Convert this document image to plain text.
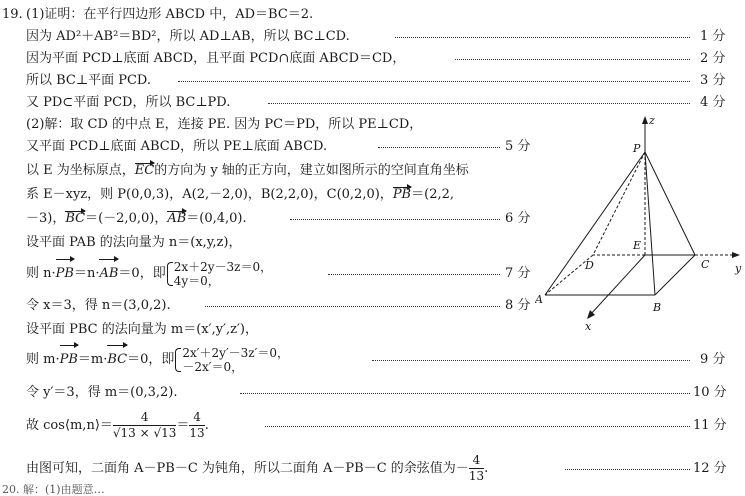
19. (1)证明：在平行四边形 ABCD 中，AD＝BC＝2.
因为 AD²＋AB²＝BD²，所以 AD⊥AB，所以 BC⊥CD.	1 分
因为平面 PCD⊥底面 ABCD，且平面 PCD∩底面 ABCD＝CD，	2 分
所以 BC⊥平面 PCD.	3 分
又 PD⊂平面 PCD，所以 BC⊥PD.	4 分
(2)解：取 CD 的中点 E，连接 PE. 因为 PC＝PD，所以 PE⊥CD，
又平面 PCD⊥底面 ABCD，所以 PE⊥底面 ABCD.	5 分
以 E 为坐标原点，EC的方向为 y 轴的正方向，建立如图所示的空间直角坐标
系 E－xyz，则 P(0,0,3)，A(2,－2,0)，B(2,2,0)，C(0,2,0)，PB＝(2,2,
－3)，BC＝(－2,0,0)，AB＝(0,4,0).	6 分
设平面 PAB 的法向量为 n＝(x,y,z)，
则 n·PB＝n·AB＝0，即 2x＋2y－3z＝0，
4y＝0，	7 分
令 x＝3，得 n＝(3,0,2).	8 分
设平面 PBC 的法向量为 m＝(x′,y′,z′)，
则 m·PB＝m·BC＝0，即 2x′＋2y′－3z′＝0，
－2x′＝0，	9 分
令 y′＝3，得 m＝(0,3,2).	10 分
故 cos⟨m,n⟩＝ $\frac{4}{√13 \times √13} = \frac{4}{13}$ .	11 分
由图可知，二面角 A－PB－C 为钝角，所以二面角 A－PB－C 的余弦值为－ $\frac{4}{13}$ .	12 分
z
P
E
D	C y
A
B
x
20. 解：(1)由题意…
